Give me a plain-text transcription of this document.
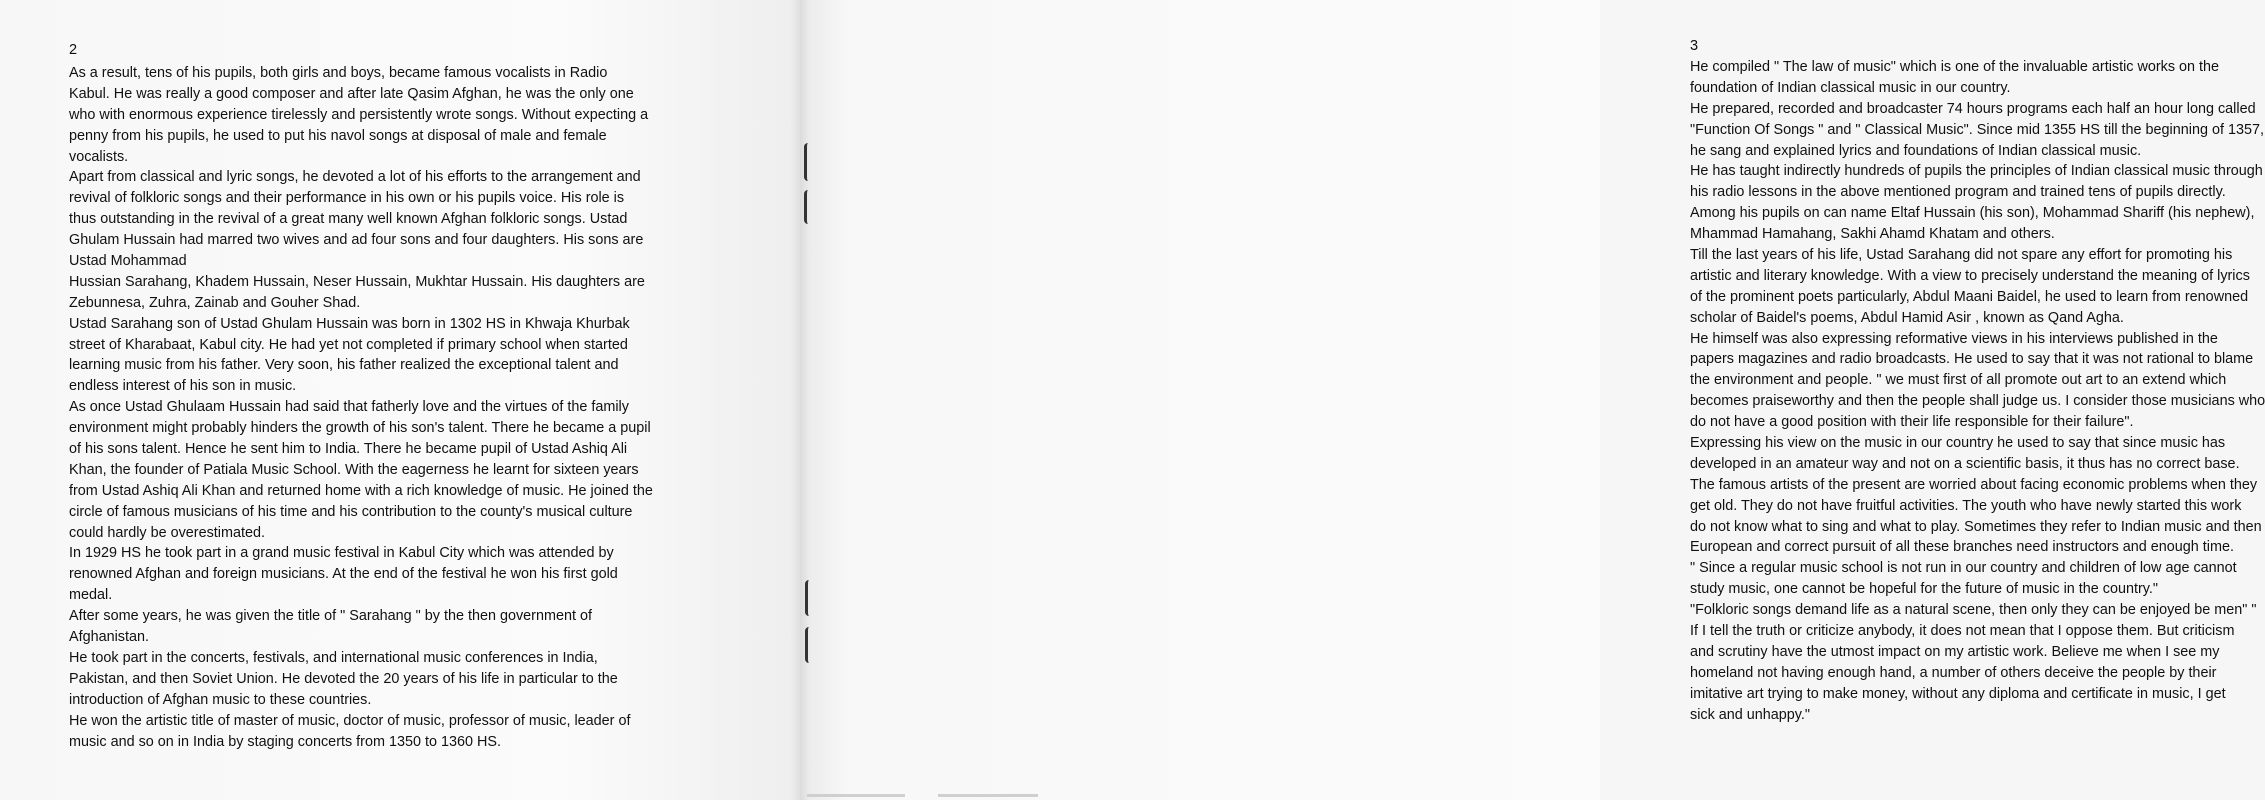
2
As a result, tens of his pupils, both girls and boys, became famous vocalists in Radio
Kabul. He was really a good composer and after late Qasim Afghan, he was the only one
who with enormous experience tirelessly and persistently wrote songs. Without expecting a
penny from his pupils, he used to put his navol songs at disposal of male and female
vocalists.
Apart from classical and lyric songs, he devoted a lot of his efforts to the arrangement and
revival of folkloric songs and their performance in his own or his pupils voice. His role is
thus outstanding in the revival of a great many well known Afghan folkloric songs. Ustad
Ghulam Hussain had marred two wives and ad four sons and four daughters. His sons are
Ustad Mohammad
Hussian Sarahang, Khadem Hussain, Neser Hussain, Mukhtar Hussain. His daughters are
Zebunnesa, Zuhra, Zainab and Gouher Shad.
Ustad Sarahang son of Ustad Ghulam Hussain was born in 1302 HS in Khwaja Khurbak
street of Kharabaat, Kabul city. He had yet not completed if primary school when started
learning music from his father. Very soon, his father realized the exceptional talent and
endless interest of his son in music.
As once Ustad Ghulaam Hussain had said that fatherly love and the virtues of the family
environment might probably hinders the growth of his son's talent. There he became a pupil
of his sons talent. Hence he sent him to India. There he became pupil of Ustad Ashiq Ali
Khan, the founder of Patiala Music School. With the eagerness he learnt for sixteen years
from Ustad Ashiq Ali Khan and returned home with a rich knowledge of music. He joined the
circle of famous musicians of his time and his contribution to the county's musical culture
could hardly be overestimated.
In 1929 HS he took part in a grand music festival in Kabul City which was attended by
renowned Afghan and foreign musicians. At the end of the festival he won his first gold
medal.
After some years, he was given the title of " Sarahang " by the then government of
Afghanistan.
He took part in the concerts, festivals, and international music conferences in India,
Pakistan, and then Soviet Union. He devoted the 20 years of his life in particular to the
introduction of Afghan music to these countries.
He won the artistic title of master of music, doctor of music, professor of music, leader of
music and so on in India by staging concerts from 1350 to 1360 HS.
3
He compiled " The law of music" which is one of the invaluable artistic works on the
foundation of Indian classical music in our country.
He prepared, recorded and broadcaster 74 hours programs each half an hour long called
"Function Of Songs " and " Classical Music". Since mid 1355 HS till the beginning of 1357,
he sang and explained lyrics and foundations of Indian classical music.
He has taught indirectly hundreds of pupils the principles of Indian classical music through
his radio lessons in the above mentioned program and trained tens of pupils directly.
Among his pupils on can name Eltaf Hussain (his son), Mohammad Shariff (his nephew),
Mhammad Hamahang, Sakhi Ahamd Khatam and others.
Till the last years of his life, Ustad Sarahang did not spare any effort for promoting his
artistic and literary knowledge. With a view to precisely understand the meaning of lyrics
of the prominent poets particularly, Abdul Maani Baidel, he used to learn from renowned
scholar of Baidel's poems, Abdul Hamid Asir , known as Qand Agha.
He himself was also expressing reformative views in his interviews published in the
papers magazines and radio broadcasts. He used to say that it was not rational to blame
the environment and people. " we must first of all promote out art to an extend which
becomes praiseworthy and then the people shall judge us. I consider those musicians who
do not have a good position with their life responsible for their failure".
Expressing his view on the music in our country he used to say that since music has
developed in an amateur way and not on a scientific basis, it thus has no correct base.
The famous artists of the present are worried about facing economic problems when they
get old. They do not have fruitful activities. The youth who have newly started this work
do not know what to sing and what to play. Sometimes they refer to Indian music and then
European and correct pursuit of all these branches need instructors and enough time.
" Since a regular music school is not run in our country and children of low age cannot
study music, one cannot be hopeful for the future of music in the country."
"Folkloric songs demand life as a natural scene, then only they can be enjoyed be men" "
If I tell the truth or criticize anybody, it does not mean that I oppose them. But criticism
and scrutiny have the utmost impact on my artistic work. Believe me when I see my
homeland not having enough hand, a number of others deceive the people by their
imitative art trying to make money, without any diploma and certificate in music, I get
sick and unhappy."
